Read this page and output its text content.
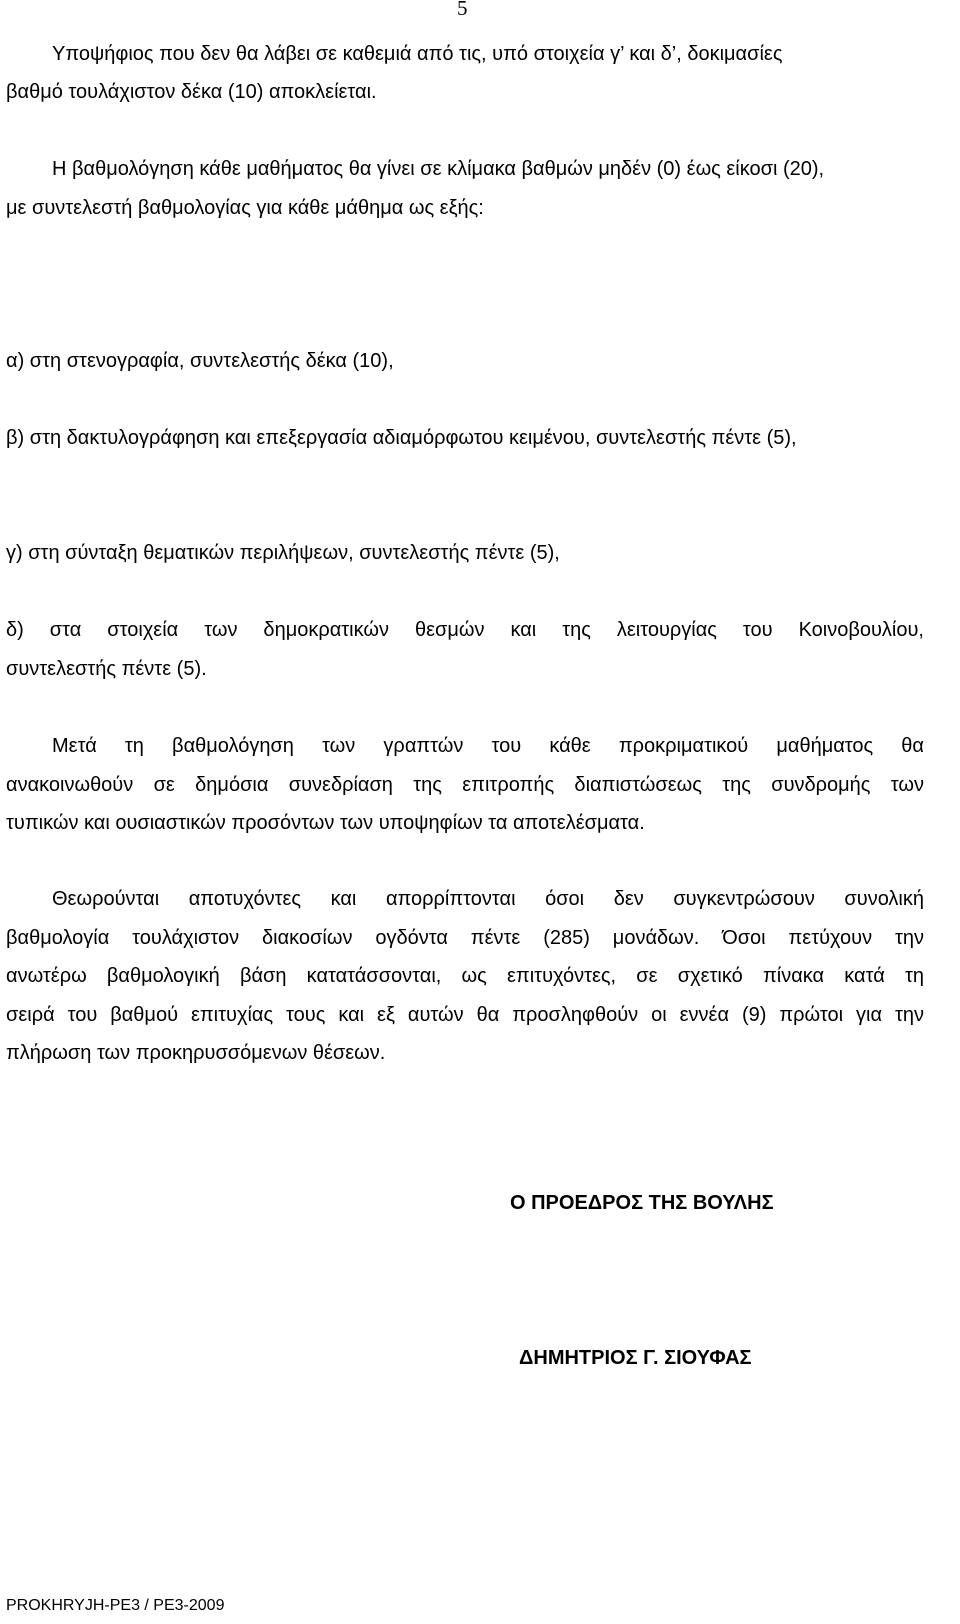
5
Υποψήφιος που δεν θα λάβει σε καθεμιά από τις, υπό στοιχεία γ’ και δ’, δοκιμασίες
βαθμό τουλάχιστον δέκα (10) αποκλείεται.
Η βαθμολόγηση κάθε μαθήματος θα γίνει σε κλίμακα βαθμών μηδέν (0) έως είκοσι (20),
με συντελεστή βαθμολογίας για κάθε μάθημα ως εξής:
α) στη στενογραφία, συντελεστής δέκα (10),
β) στη δακτυλογράφηση και επεξεργασία αδιαμόρφωτου κειμένου, συντελεστής πέντε (5),
γ) στη σύνταξη θεματικών περιλήψεων, συντελεστής πέντε (5),
δ) στα στοιχεία των δημοκρατικών θεσμών και της λειτουργίας του Κοινοβουλίου,
συντελεστής πέντε (5).
Μετά τη βαθμολόγηση των γραπτών του κάθε προκριματικού μαθήματος θα
ανακοινωθούν σε δημόσια συνεδρίαση της επιτροπής διαπιστώσεως της συνδρομής των
τυπικών και ουσιαστικών προσόντων των υποψηφίων τα αποτελέσματα.
Θεωρούνται αποτυχόντες και απορρίπτονται όσοι δεν συγκεντρώσουν συνολική
βαθμολογία τουλάχιστον διακοσίων ογδόντα πέντε (285) μονάδων. Όσοι πετύχουν την
ανωτέρω βαθμολογική βάση κατατάσσονται, ως επιτυχόντες, σε σχετικό πίνακα κατά τη
σειρά του βαθμού επιτυχίας τους και εξ αυτών θα προσληφθούν οι εννέα (9) πρώτοι για την
πλήρωση των προκηρυσσόμενων θέσεων.
Ο ΠΡΟΕΔΡΟΣ ΤΗΣ ΒΟΥΛΗΣ
ΔΗΜΗΤΡΙΟΣ Γ. ΣΙΟΥΦΑΣ
PROKHRYJH-PE3 / PE3-2009
